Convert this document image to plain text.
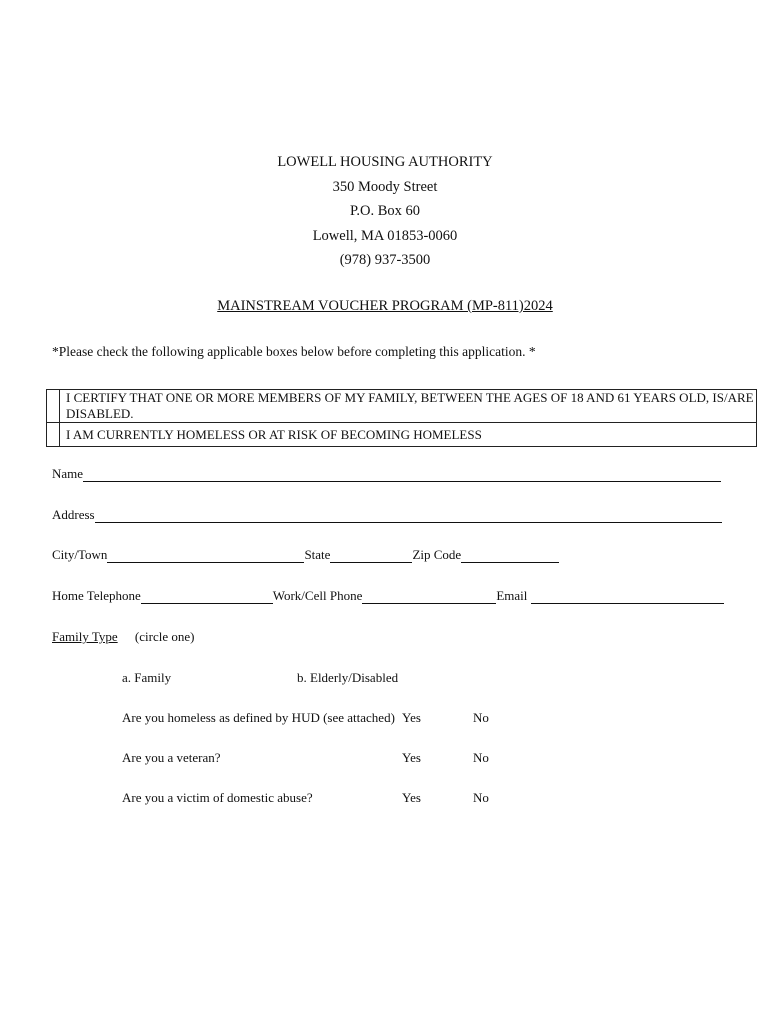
LOWELL HOUSING AUTHORITY
350 Moody Street
P.O. Box 60
Lowell, MA 01853-0060
(978) 937-3500
MAINSTREAM VOUCHER PROGRAM (MP-811)2024
*Please check the following applicable boxes below before completing this application. *
	I CERTIFY THAT ONE OR MORE MEMBERS OF MY FAMILY, BETWEEN THE AGES OF 18 AND 61 YEARS OLD, IS/ARE DISABLED.
	I AM CURRENTLY HOMELESS OR AT RISK OF BECOMING HOMELESS
Name
Address
City/Town	State	Zip Code
Home Telephone	Work/Cell Phone	Email
Family Type (circle one)
a. Family	b. Elderly/Disabled
Are you homeless as defined by HUD (see attached) Yes	No
Are you a veteran?	Yes	No
Are you a victim of domestic abuse?	Yes	No
